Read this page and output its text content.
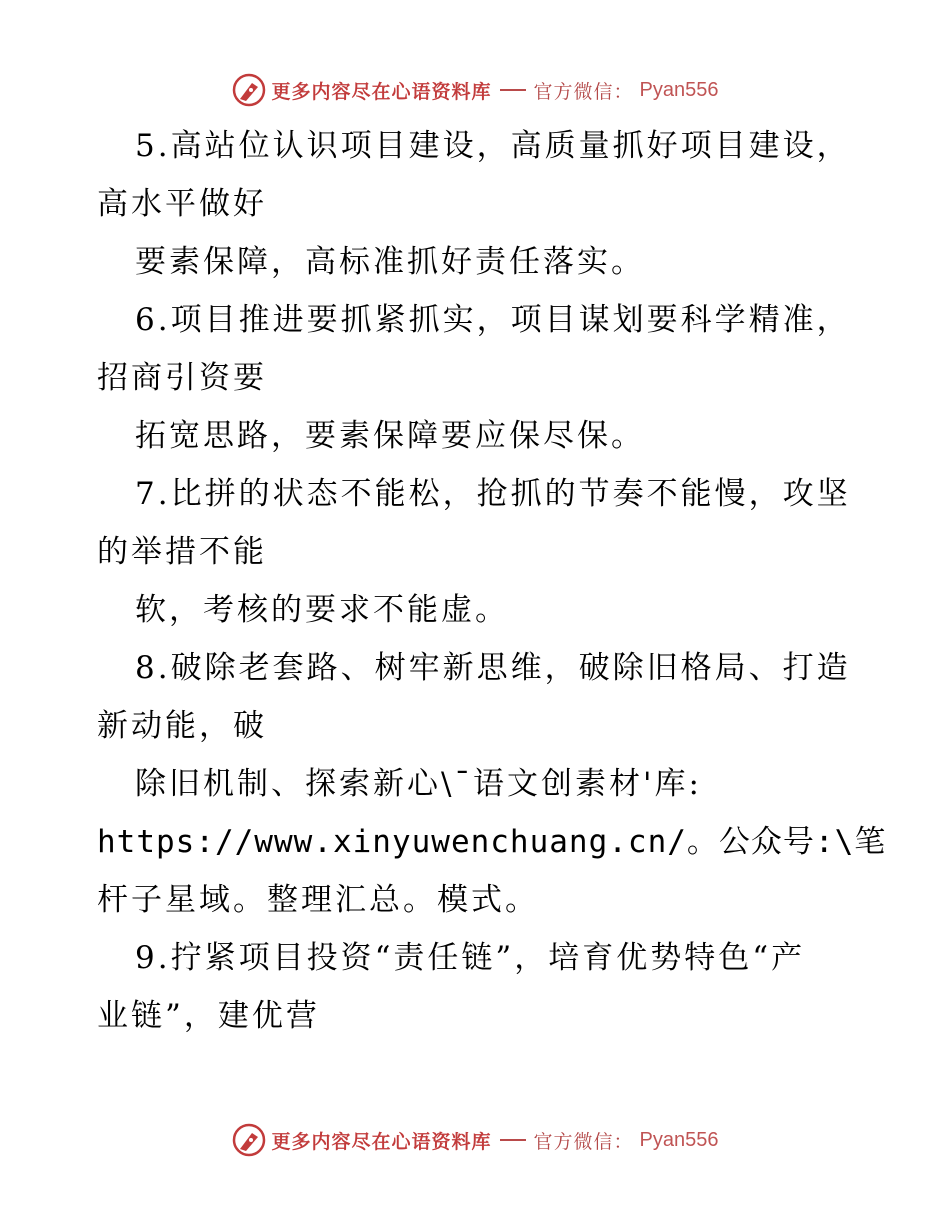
更多内容尽在心语资料库 官方微信： Pyan556
5.高站位认识项目建设，高质量抓好项目建设，
高水平做好
要素保障，高标准抓好责任落实。
6.项目推进要抓紧抓实，项目谋划要科学精准，
招商引资要
拓宽思路，要素保障要应保尽保。
7.比拼的状态不能松，抢抓的节奏不能慢，攻坚
的举措不能
软，考核的要求不能虚。
8.破除老套路、树牢新思维，破除旧格局、打造
新动能，破
除旧机制、探索新心\¯语文创素材'库:
https://www.xinyuwenchuang.cn/。公众号:\笔
杆子星域。整理汇总。模式。
9.拧紧项目投资“责任链”，培育优势特色“产
业链”，建优营
更多内容尽在心语资料库 官方微信： Pyan556
